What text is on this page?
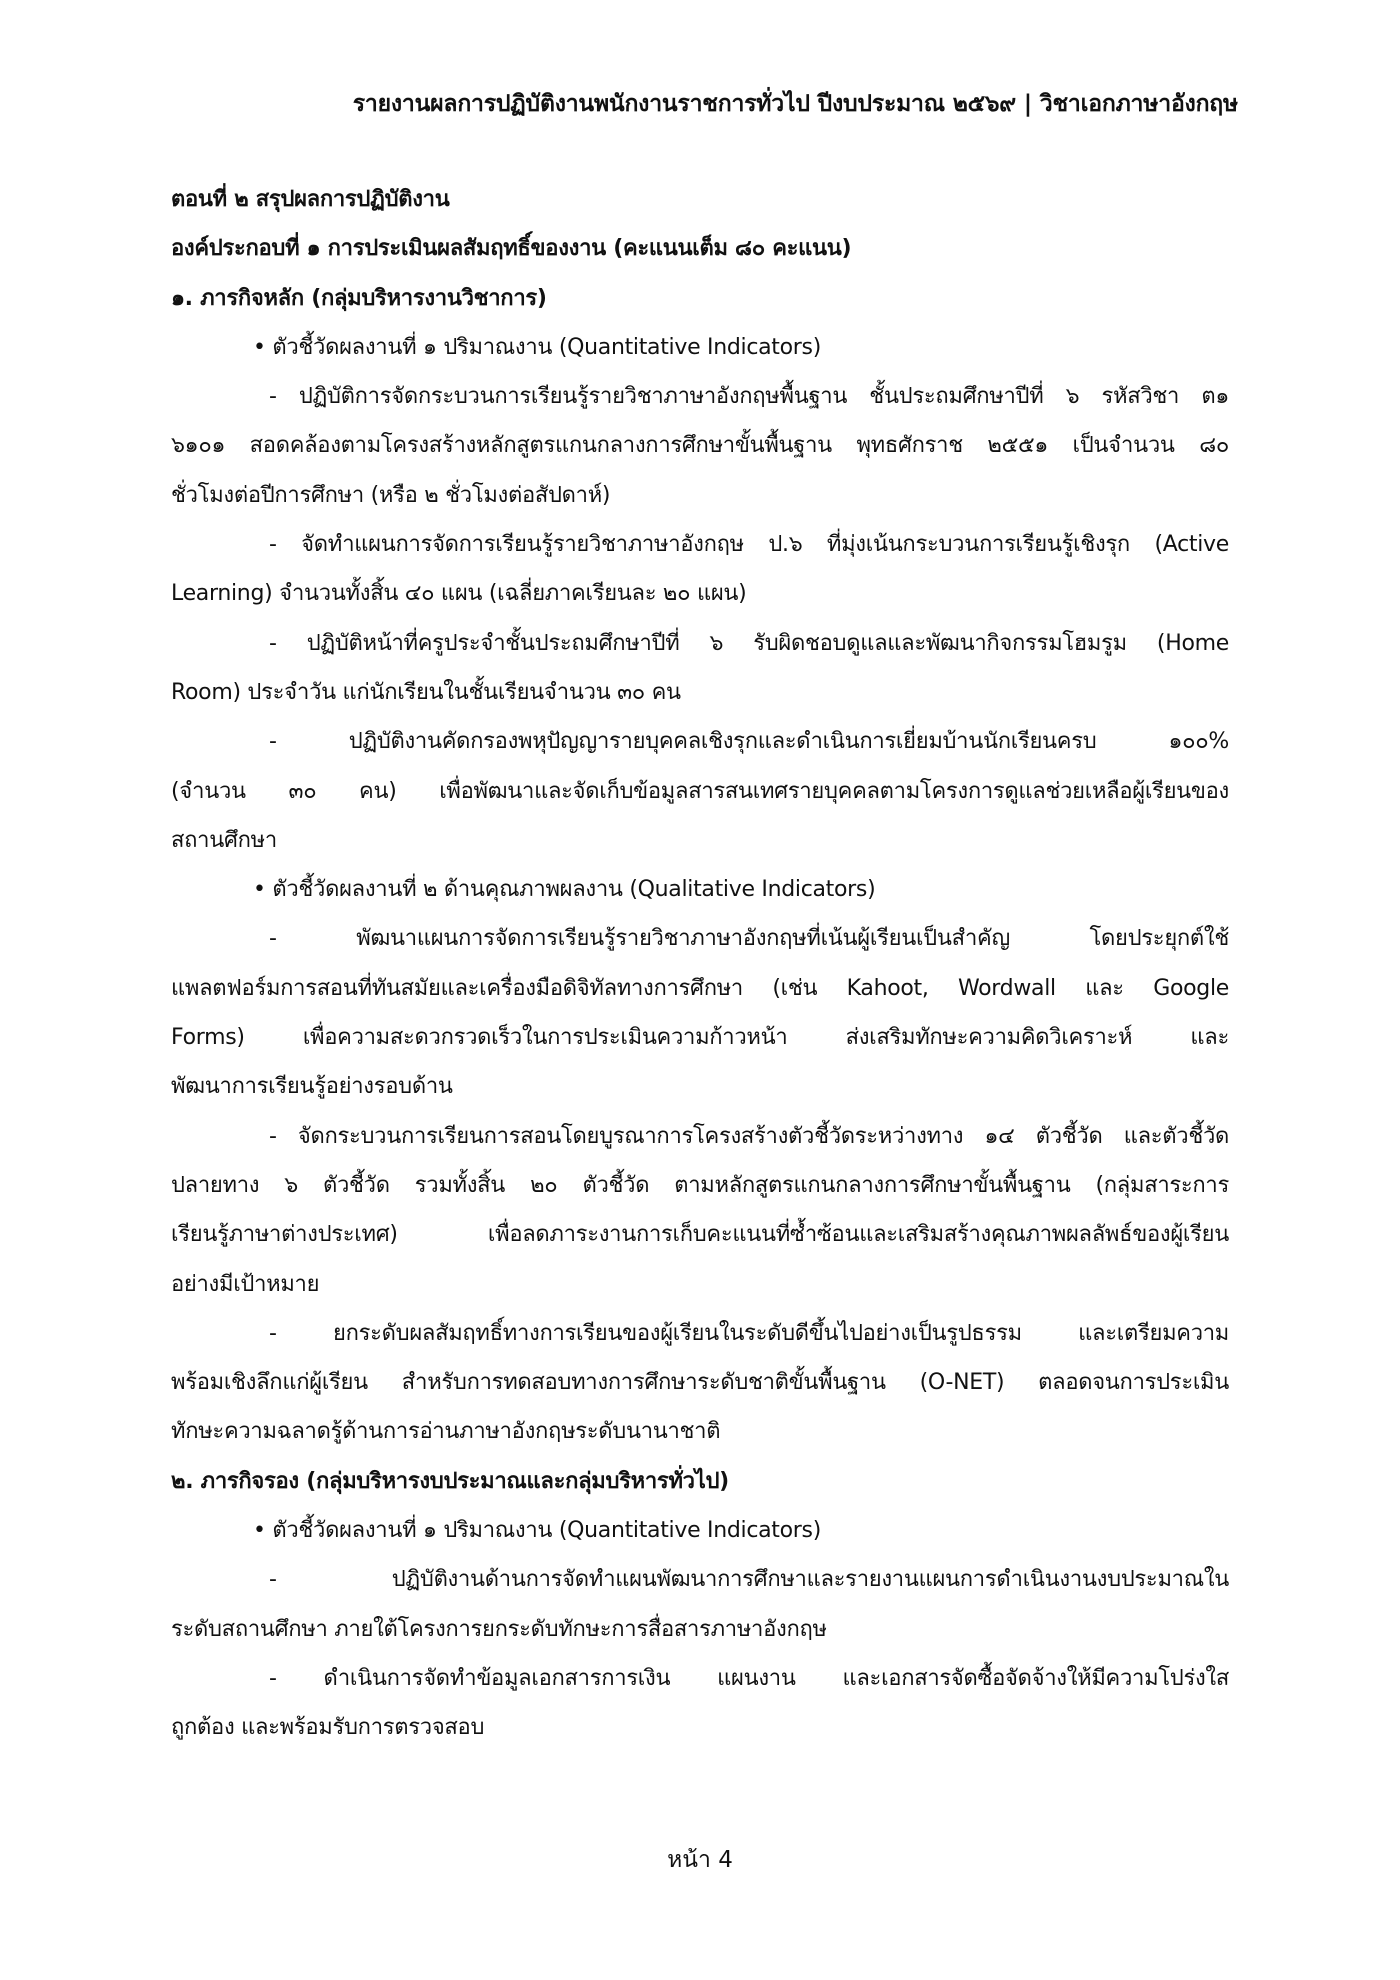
รายงานผลการปฏิบัติงานพนักงานราชการทั่วไป ปีงบประมาณ ๒๕๖๙ | วิชาเอกภาษาอังกฤษ
ตอนที่ ๒ สรุปผลการปฏิบัติงาน
องค์ประกอบที่ ๑ การประเมินผลสัมฤทธิ์ของงาน (คะแนนเต็ม ๘๐ คะแนน)
๑. ภารกิจหลัก (กลุ่มบริหารงานวิชาการ)
• ตัวชี้วัดผลงานที่ ๑ ปริมาณงาน (Quantitative Indicators)
- ปฏิบัติการจัดกระบวนการเรียนรู้รายวิชาภาษาอังกฤษพื้นฐาน ชั้นประถมศึกษาปีที่ ๖ รหัสวิชา ต๑
๖๑๐๑ สอดคล้องตามโครงสร้างหลักสูตรแกนกลางการศึกษาขั้นพื้นฐาน พุทธศักราช ๒๕๕๑ เป็นจำนวน ๘๐
ชั่วโมงต่อปีการศึกษา (หรือ ๒ ชั่วโมงต่อสัปดาห์)
- จัดทำแผนการจัดการเรียนรู้รายวิชาภาษาอังกฤษ ป.๖ ที่มุ่งเน้นกระบวนการเรียนรู้เชิงรุก (Active
Learning) จำนวนทั้งสิ้น ๔๐ แผน (เฉลี่ยภาคเรียนละ ๒๐ แผน)
- ปฏิบัติหน้าที่ครูประจำชั้นประถมศึกษาปีที่ ๖ รับผิดชอบดูแลและพัฒนากิจกรรมโฮมรูม (Home
Room) ประจำวัน แก่นักเรียนในชั้นเรียนจำนวน ๓๐ คน
- ปฏิบัติงานคัดกรองพหุปัญญารายบุคคลเชิงรุกและดำเนินการเยี่ยมบ้านนักเรียนครบ ๑๐๐%
(จำนวน ๓๐ คน) เพื่อพัฒนาและจัดเก็บข้อมูลสารสนเทศรายบุคคลตามโครงการดูแลช่วยเหลือผู้เรียนของ
สถานศึกษา
• ตัวชี้วัดผลงานที่ ๒ ด้านคุณภาพผลงาน (Qualitative Indicators)
- พัฒนาแผนการจัดการเรียนรู้รายวิชาภาษาอังกฤษที่เน้นผู้เรียนเป็นสำคัญ โดยประยุกต์ใช้
แพลตฟอร์มการสอนที่ทันสมัยและเครื่องมือดิจิทัลทางการศึกษา (เช่น Kahoot, Wordwall และ Google
Forms) เพื่อความสะดวกรวดเร็วในการประเมินความก้าวหน้า ส่งเสริมทักษะความคิดวิเคราะห์ และ
พัฒนาการเรียนรู้อย่างรอบด้าน
- จัดกระบวนการเรียนการสอนโดยบูรณาการโครงสร้างตัวชี้วัดระหว่างทาง ๑๔ ตัวชี้วัด และตัวชี้วัด
ปลายทาง ๖ ตัวชี้วัด รวมทั้งสิ้น ๒๐ ตัวชี้วัด ตามหลักสูตรแกนกลางการศึกษาขั้นพื้นฐาน (กลุ่มสาระการ
เรียนรู้ภาษาต่างประเทศ) เพื่อลดภาระงานการเก็บคะแนนที่ซ้ำซ้อนและเสริมสร้างคุณภาพผลลัพธ์ของผู้เรียน
อย่างมีเป้าหมาย
- ยกระดับผลสัมฤทธิ์ทางการเรียนของผู้เรียนในระดับดีขึ้นไปอย่างเป็นรูปธรรม และเตรียมความ
พร้อมเชิงลึกแก่ผู้เรียน สำหรับการทดสอบทางการศึกษาระดับชาติขั้นพื้นฐาน (O-NET) ตลอดจนการประเมิน
ทักษะความฉลาดรู้ด้านการอ่านภาษาอังกฤษระดับนานาชาติ
๒. ภารกิจรอง (กลุ่มบริหารงบประมาณและกลุ่มบริหารทั่วไป)
• ตัวชี้วัดผลงานที่ ๑ ปริมาณงาน (Quantitative Indicators)
- ปฏิบัติงานด้านการจัดทำแผนพัฒนาการศึกษาและรายงานแผนการดำเนินงานงบประมาณใน
ระดับสถานศึกษา ภายใต้โครงการยกระดับทักษะการสื่อสารภาษาอังกฤษ
- ดำเนินการจัดทำข้อมูลเอกสารการเงิน แผนงาน และเอกสารจัดซื้อจัดจ้างให้มีความโปร่งใส
ถูกต้อง และพร้อมรับการตรวจสอบ
หน้า 4
